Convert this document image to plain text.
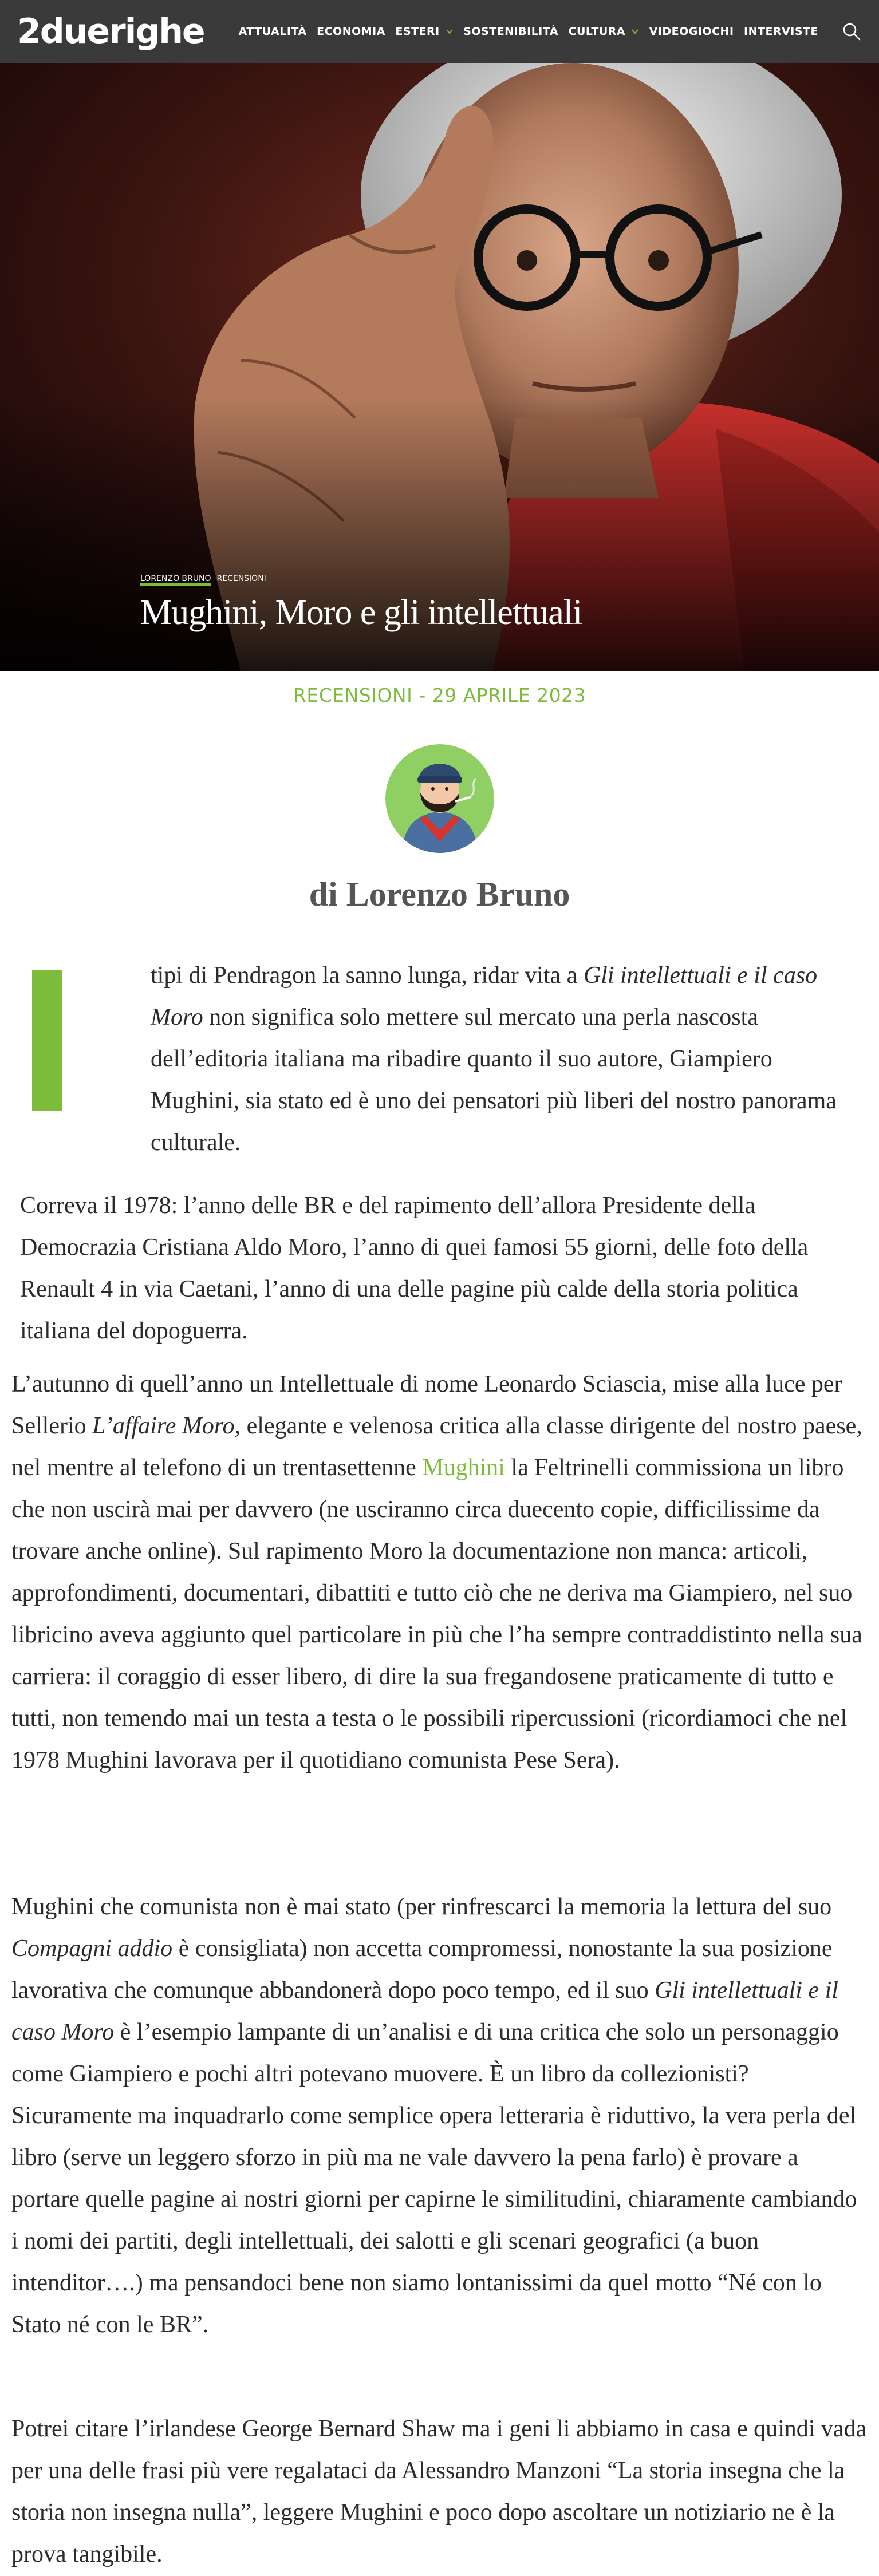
2duerighe	ATTUALITÀ ECONOMIA ESTERI SOSTENIBILITÀ CULTURA VIDEOGIOCHI INTERVISTE
LORENZO BRUNO RECENSIONI
Mughini, Moro e gli intellettuali
RECENSIONI - 29 APRILE 2023
di Lorenzo Bruno

tipi di Pendragon la sanno lunga, ridar vita a Gli intellettuali e il caso Moro non significa solo mettere sul mercato una perla nascosta dell’editoria italiana ma ribadire quanto il suo autore, Giampiero Mughini, sia stato ed è uno dei pensatori più liberi del nostro panorama culturale.

Correva il 1978: l’anno delle BR e del rapimento dell’allora Presidente della Democrazia Cristiana Aldo Moro, l’anno di quei famosi 55 giorni, delle foto della Renault 4 in via Caetani, l’anno di una delle pagine più calde della storia politica italiana del dopoguerra.

L’autunno di quell’anno un Intellettuale di nome Leonardo Sciascia, mise alla luce per Sellerio L’affaire Moro, elegante e velenosa critica alla classe dirigente del nostro paese, nel mentre al telefono di un trentasettenne Mughini la Feltrinelli commissiona un libro che non uscirà mai per davvero (ne usciranno circa duecento copie, difficilissime da trovare anche online). Sul rapimento Moro la documentazione non manca: articoli, approfondimenti, documentari, dibattiti e tutto ciò che ne deriva ma Giampiero, nel suo libricino aveva aggiunto quel particolare in più che l’ha sempre contraddistinto nella sua carriera: il coraggio di esser libero, di dire la sua fregandosene praticamente di tutto e tutti, non temendo mai un testa a testa o le possibili ripercussioni (ricordiamoci che nel 1978 Mughini lavorava per il quotidiano comunista Pese Sera).

Mughini che comunista non è mai stato (per rinfrescarci la memoria la lettura del suo Compagni addio è consigliata) non accetta compromessi, nonostante la sua posizione lavorativa che comunque abbandonerà dopo poco tempo, ed il suo Gli intellettuali e il caso Moro è l’esempio lampante di un’analisi e di una critica che solo un personaggio come Giampiero e pochi altri potevano muovere. È un libro da collezionisti? Sicuramente ma inquadrarlo come semplice opera letteraria è riduttivo, la vera perla del libro (serve un leggero sforzo in più ma ne vale davvero la pena farlo) è provare a portare quelle pagine ai nostri giorni per capirne le similitudini, chiaramente cambiando i nomi dei partiti, degli intellettuali, dei salotti e gli scenari geografici (a buon intenditor….) ma pensandoci bene non siamo lontanissimi da quel motto “Né con lo Stato né con le BR”.

Potrei citare l’irlandese George Bernard Shaw ma i geni li abbiamo in casa e quindi vada per una delle frasi più vere regalataci da Alessandro Manzoni “La storia insegna che la storia non insegna nulla”, leggere Mughini e poco dopo ascoltare un notiziario ne è la prova tangibile.
